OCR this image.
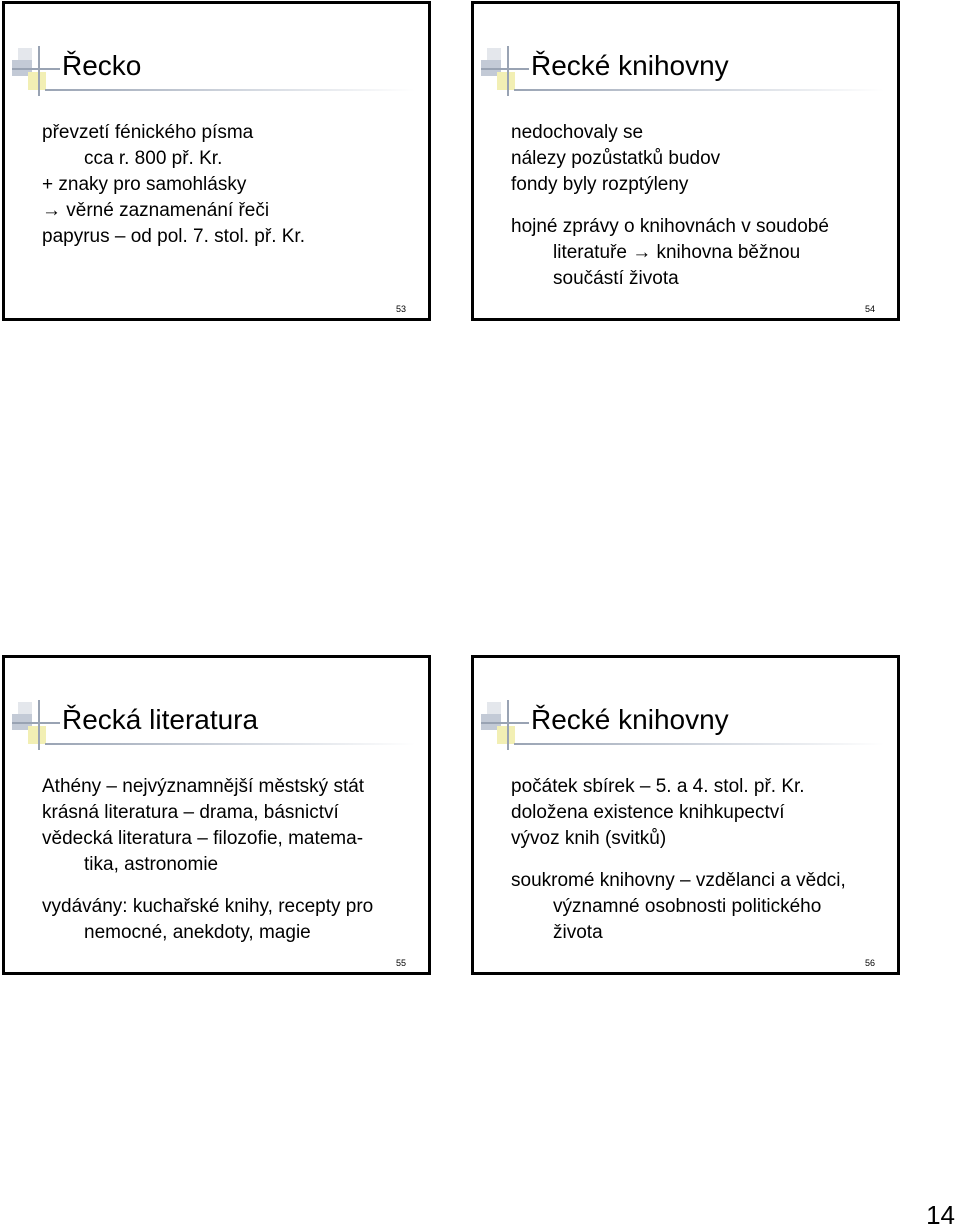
Řecko
převzetí fénického písma
cca r. 800 př. Kr.
+ znaky pro samohlásky
→ věrné zaznamenání řeči
papyrus – od pol. 7. stol. př. Kr.
53
Řecké knihovny
nedochovaly se
nálezy pozůstatků budov
fondy byly rozptýleny
hojné zprávy o knihovnách v soudobé
literatuře → knihovna běžnou
součástí života
54
Řecká literatura
Athény – nejvýznamnější městský stát
krásná literatura – drama, básnictví
vědecká literatura – filozofie, matema-
tika, astronomie
vydávány: kuchařské knihy, recepty pro
nemocné, anekdoty, magie
55
Řecké knihovny
počátek sbírek – 5. a 4. stol. př. Kr.
doložena existence knihkupectví
vývoz knih (svitků)
soukromé knihovny – vzdělanci a vědci,
významné osobnosti politického
života
56
14
